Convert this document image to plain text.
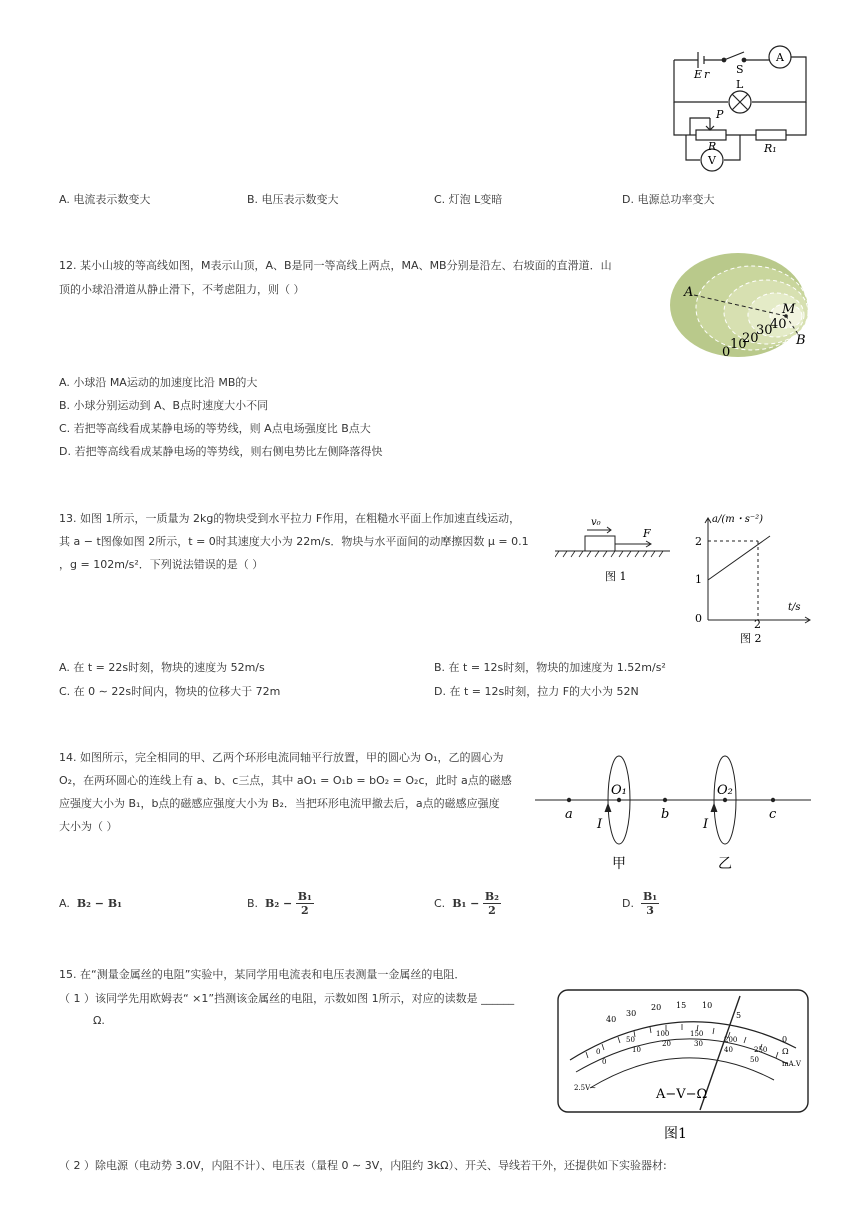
A
V
E r S
L
P
R	R₁
A. 电流表示数变大	B. 电压表示数变大	C. 灯泡 L变暗	D. 电源总功率变大
12. 某小山坡的等高线如图，M表示山顶，A、B是同一等高线上两点，MA、MB分别是沿左、右坡面的直滑道．山
顶的小球沿滑道从静止滑下，不考虑阻力，则（ ）	A
M
B
0
10
20
30
40
A. 小球沿 MA运动的加速度比沿 MB的大
B. 小球分别运动到 A、B点时速度大小不同
C. 若把等高线看成某静电场的等势线，则 A点电场强度比 B点大
D. 若把等高线看成某静电场的等势线，则右侧电势比左侧降落得快
13. 如图 1所示，一质量为 2kg的物块受到水平拉力 F作用，在粗糙水平面上作加速直线运动，
其 a − t图像如图 2所示，t = 0时其速度大小为 22m/s．物块与水平面间的动摩擦因数 μ = 0.1
，g = 102m/s²．下列说法错误的是（ ）
v₀
F
图 1
a/(m・s⁻²)
t/s
2
1
0	2
图 2
A. 在 t = 22s时刻，物块的速度为 52m/s	B. 在 t = 12s时刻，物块的加速度为 1.52m/s²
C. 在 0 ∼ 22s时间内，物块的位移大于 72m	D. 在 t = 12s时刻，拉力 F的大小为 52N
14. 如图所示，完全相同的甲、乙两个环形电流同轴平行放置，甲的圆心为 O₁，乙的圆心为
O₂，在两环圆心的连线上有 a、b、c三点，其中 aO₁ = O₁b = bO₂ = O₂c，此时 a点的磁感
应强度大小为 B₁，b点的磁感应强度大小为 B₂．当把环形电流甲撤去后，a点的磁感应强度
大小为（ ）
a	b	c
O₁	O₂
I	I
甲	乙
A. B₂ − B₁	B.
B₂ −
$\frac{\text{B₁}}{2}$	C.
B₁ −
$\frac{\text{B₂}}{2}$	D.

B₁
3
15. 在“测量金属丝的电阻”实验中，某同学用电流表和电压表测量一金属丝的电阻．
（ 1 ）该同学先用欧姆表“ ×1”挡测该金属丝的电阻，示数如图 1所示，对应的读数是 ______
Ω.	40
30
20 15 10
5
0
0
50
100	150
200
250
0
10
20	30
40
50
Ω
mA.V
2.5V~	A−V−Ω
图1
（ 2 ）除电源（电动势 3.0V，内阻不计）、电压表（量程 0 ∼ 3V，内阻约 3kΩ）、开关、导线若干外，还提供如下实验器材:
